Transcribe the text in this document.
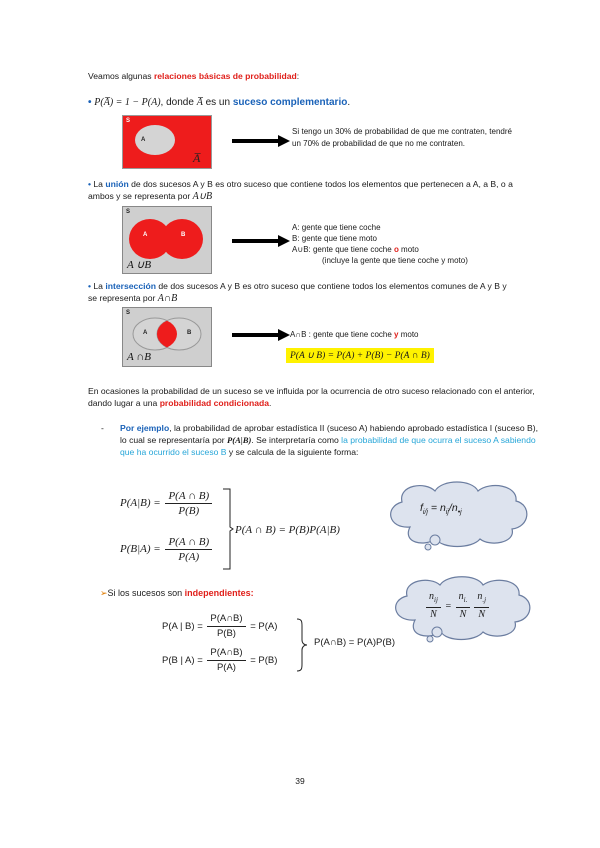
Veamos algunas relaciones básicas de probabilidad:
• P(A̅) = 1 − P(A), donde A̅ es un suceso complementario.
S
A
A̅
Si tengo un 30% de probabilidad de que me contraten, tendré un 70% de probabilidad de que no me contraten.
• La unión de dos sucesos A y B es otro suceso que contiene todos los elementos que pertenecen a A, a B, o a ambos y se representa por A∪B
S
A	B
A ∪B
A: gente que tiene coche
B: gente que tiene moto
A∪B: gente que tiene coche o moto
(incluye la gente que tiene coche y moto)
• La intersección de dos sucesos A y B es otro suceso que contiene todos los elementos comunes de A y B y se representa por A∩B
S
A	B
A ∩B
A∩B : gente que tiene coche y moto
P(A ∪ B) = P(A) + P(B) − P(A ∩ B)
En ocasiones la probabilidad de un suceso se ve influida por la ocurrencia de otro suceso relacionado con el anterior, dando lugar a una probabilidad condicionada.
- Por ejemplo, la probabilidad de aprobar estadística II (suceso A) habiendo aprobado estadística I (suceso B), lo cual se representaría por P(A|B). Se interpretaría como la probabilidad de que ocurra el suceso A sabiendo que ha ocurrido el suceso B y se calcula de la siguiente forma:
$P(A|B) = \frac{P(A \cap B)}{P(B)}$
$P(B|A) = \frac{P(A \cap B)}{P(A)}$
P(A ∩ B) = P(B)P(A|B)
$f_{i/j} = n_{ij}/n_{•j}$
➢Si los sucesos son independientes:
P(A | $B) = \frac{P(A\cap B)}{P(B)} = P(A)$
P(B | $A) = \frac{P(A\cap B)}{P(A)} = P(B)$
P(A∩B) = P(A)P(B)
$\frac{n_{ij}}{N} = \frac{n_{i.}}{N} \frac{n_{.j}}{N}$
39
